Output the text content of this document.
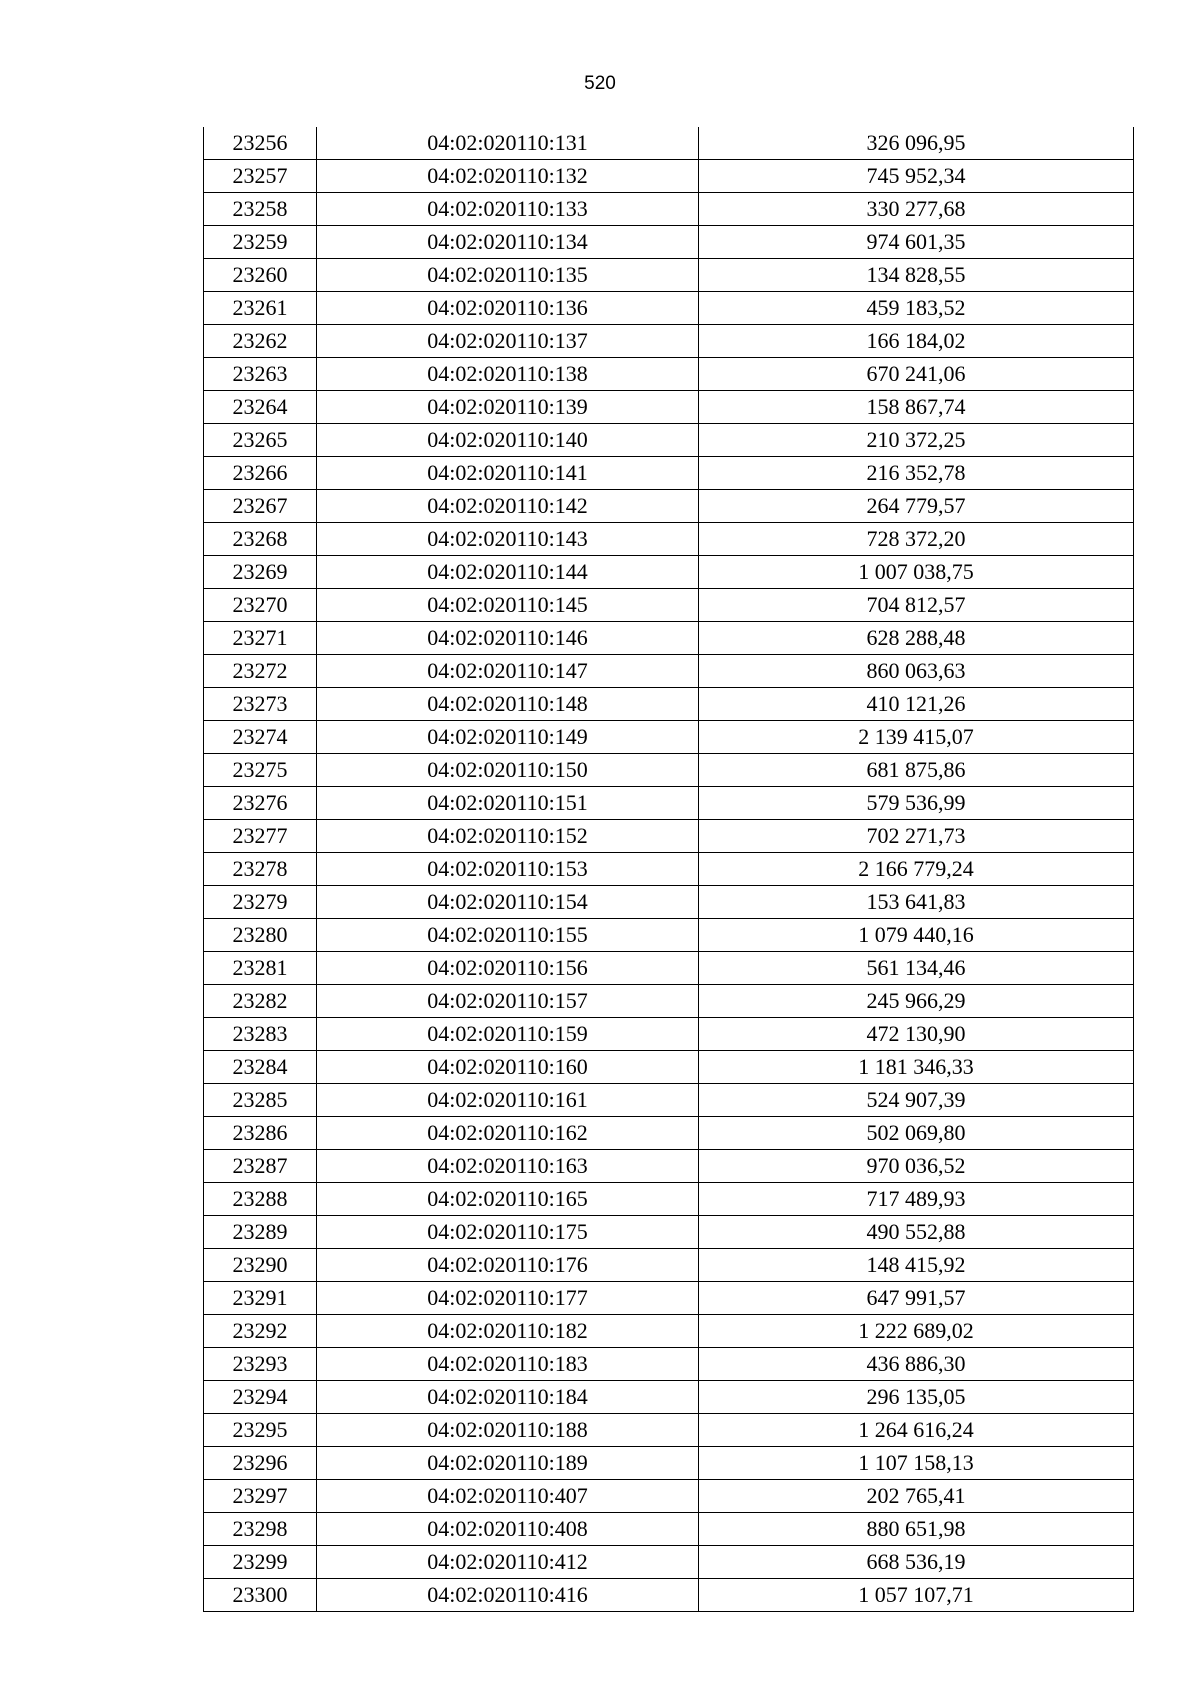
520
23256	04:02:020110:131	326 096,95
23257	04:02:020110:132	745 952,34
23258	04:02:020110:133	330 277,68
23259	04:02:020110:134	974 601,35
23260	04:02:020110:135	134 828,55
23261	04:02:020110:136	459 183,52
23262	04:02:020110:137	166 184,02
23263	04:02:020110:138	670 241,06
23264	04:02:020110:139	158 867,74
23265	04:02:020110:140	210 372,25
23266	04:02:020110:141	216 352,78
23267	04:02:020110:142	264 779,57
23268	04:02:020110:143	728 372,20
23269	04:02:020110:144	1 007 038,75
23270	04:02:020110:145	704 812,57
23271	04:02:020110:146	628 288,48
23272	04:02:020110:147	860 063,63
23273	04:02:020110:148	410 121,26
23274	04:02:020110:149	2 139 415,07
23275	04:02:020110:150	681 875,86
23276	04:02:020110:151	579 536,99
23277	04:02:020110:152	702 271,73
23278	04:02:020110:153	2 166 779,24
23279	04:02:020110:154	153 641,83
23280	04:02:020110:155	1 079 440,16
23281	04:02:020110:156	561 134,46
23282	04:02:020110:157	245 966,29
23283	04:02:020110:159	472 130,90
23284	04:02:020110:160	1 181 346,33
23285	04:02:020110:161	524 907,39
23286	04:02:020110:162	502 069,80
23287	04:02:020110:163	970 036,52
23288	04:02:020110:165	717 489,93
23289	04:02:020110:175	490 552,88
23290	04:02:020110:176	148 415,92
23291	04:02:020110:177	647 991,57
23292	04:02:020110:182	1 222 689,02
23293	04:02:020110:183	436 886,30
23294	04:02:020110:184	296 135,05
23295	04:02:020110:188	1 264 616,24
23296	04:02:020110:189	1 107 158,13
23297	04:02:020110:407	202 765,41
23298	04:02:020110:408	880 651,98
23299	04:02:020110:412	668 536,19
23300	04:02:020110:416	1 057 107,71
